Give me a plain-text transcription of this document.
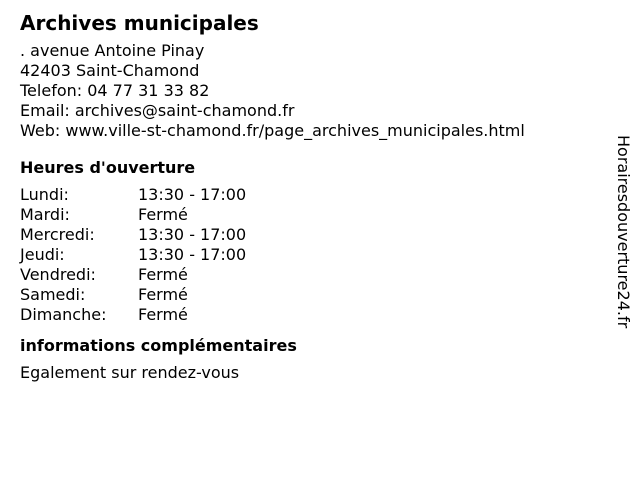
Archives municipales
. avenue Antoine Pinay
42403 Saint-Chamond
Telefon: 04 77 31 33 82
Email: archives@saint-chamond.fr
Web: www.ville-st-chamond.fr/page_archives_municipales.html
Heures d'ouverture
Lundi:	13:30 - 17:00
Mardi:	Fermé
Mercredi:	13:30 - 17:00
Jeudi:	13:30 - 17:00
Vendredi:	Fermé
Samedi:	Fermé
Dimanche:	Fermé
informations complémentaires
Egalement sur rendez-vous
Horairesdouverture24.fr
